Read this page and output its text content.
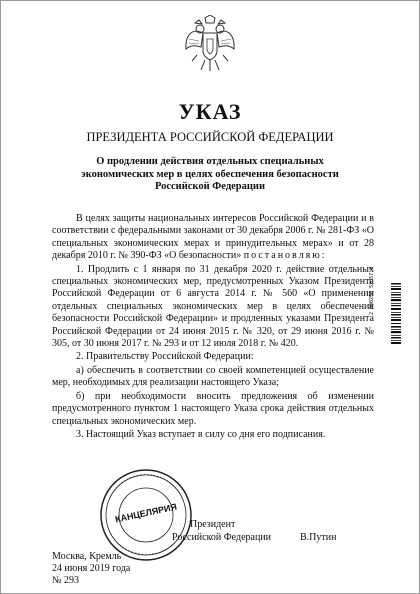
УКАЗ
ПРЕЗИДЕНТА РОССИЙСКОЙ ФЕДЕРАЦИИ
О продлении действия отдельных специальных
экономических мер в целях обеспечения безопасности
Российской Федерации

В целях защиты национальных интересов Российской Федерации и в соответствии с федеральными законами от 30 декабря 2006 г. № 281-ФЗ «О специальных экономических мерах и принудительных мерах» и от 28 декабря 2010 г. № 390-ФЗ «О безопасности» постановляю:

1. Продлить с 1 января по 31 декабря 2020 г. действие отдельных специальных экономических мер, предусмотренных Указом Президента Российской Федерации от 6 августа 2014 г. № 560 «О применении отдельных специальных экономических мер в целях обеспечения безопасности Российской Федерации» и продленных указами Президента Российской Федерации от 24 июня 2015 г. № 320, от 29 июня 2016 г. № 305, от 30 июня 2017 г. № 293 и от 12 июля 2018 г. № 420.

2. Правительству Российской Федерации:

а) обеспечить в соответствии со своей компетенцией осуществление мер, необходимых для реализации настоящего Указа;

б) при необходимости вносить предложения об изменении предусмотренного пунктом 1 настоящего Указа срока действия отдельных специальных экономических мер.

3. Настоящий Указ вступает в силу со дня его подписания.

2 000250 52057 0
КАНЦЕЛЯРИЯ
Президент
Российской Федерации	В.Путин
Москва, Кремль
24 июня 2019 года
№ 293
